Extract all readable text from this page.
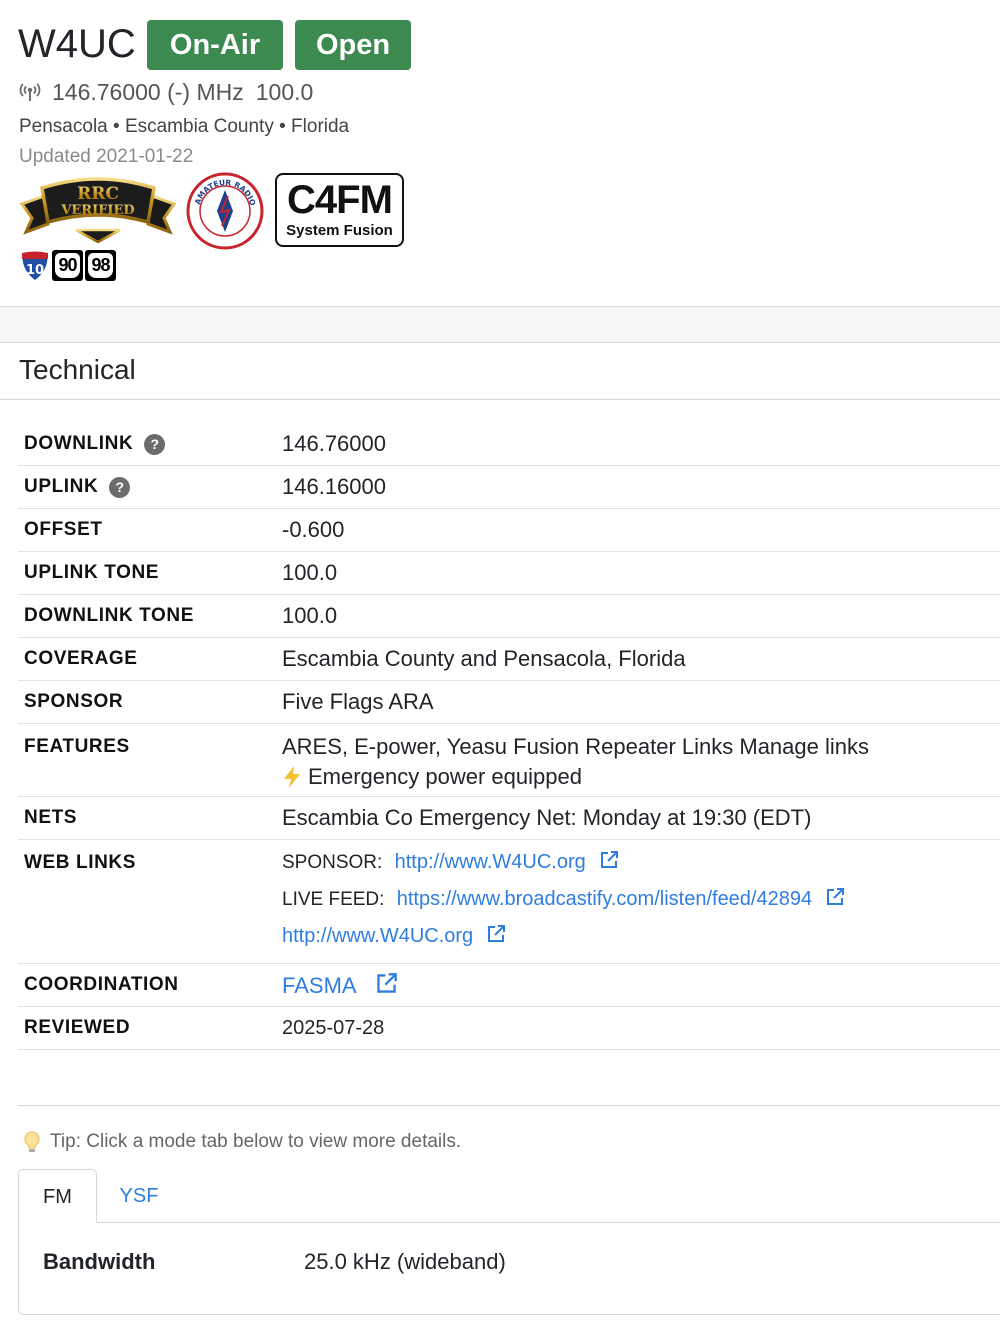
W4UC	On-Air	Open
146.76000 (-) MHz 100.0
Pensacola • Escambia County • Florida
Updated 2021-01-22
RRC
VERIFIED
AMATEUR RADIO C4FM
System Fusion
10 90 98
Technical
DOWNLINK	?	146.76000
UPLINK	?	146.16000
OFFSET	-0.600
UPLINK TONE	100.0
DOWNLINK TONE	100.0
COVERAGE	Escambia County and Pensacola, Florida
SPONSOR	Five Flags ARA
FEATURES	ARES, E-power, Yeasu Fusion Repeater Links Manage links
Emergency power equipped
NETS	Escambia Co Emergency Net: Monday at 19:30 (EDT)
WEB LINKS	SPONSOR: http://www.W4UC.org
LIVE FEED: https://www.broadcastify.com/listen/feed/42894
http://www.W4UC.org
COORDINATION	FASMA
REVIEWED	2025-07-28
Tip: Click a mode tab below to view more details.
FM	YSF
Bandwidth	25.0 kHz (wideband)
